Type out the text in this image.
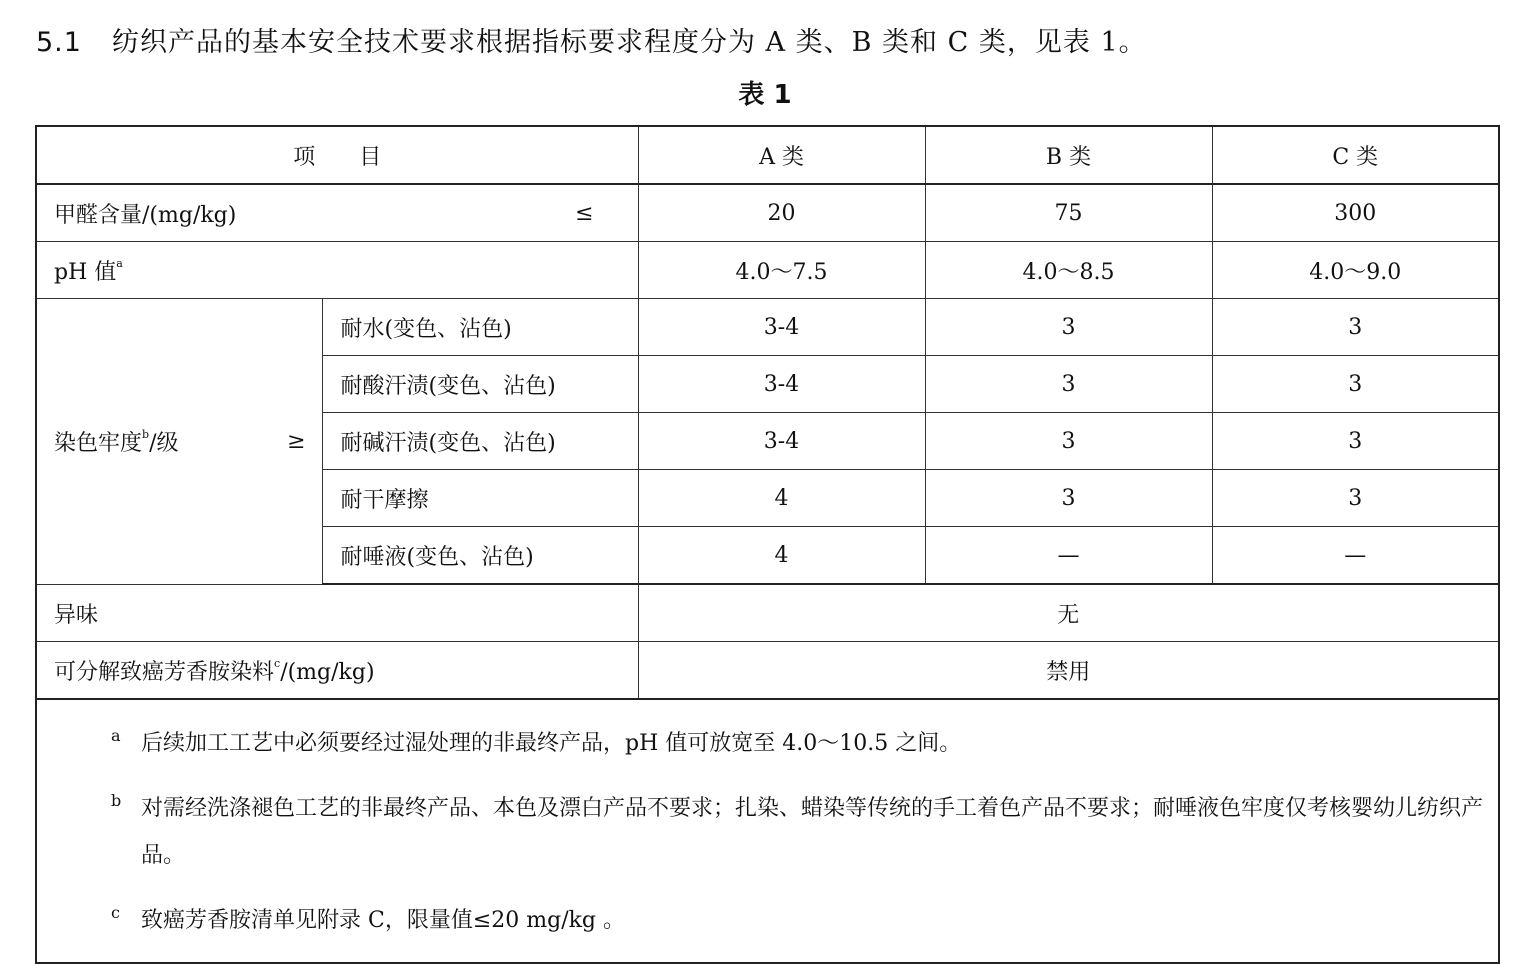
5.1 纺织产品的基本安全技术要求根据指标要求程度分为 A 类、B 类和 C 类，见表 1。
表 1
项　　目		A 类	B 类	C 类

甲醛含量/(mg/kg) ≤		20	75	300
pH 值$^a$		4.0～7.5	4.0～8.5	4.0～9.0

染色牢度$^b$/级 ≥	耐水(变色、沾色)	3-4	3	3
	耐酸汗渍(变色、沾色)	3-4	3	3
	耐碱汗渍(变色、沾色)	3-4	3	3
	耐干摩擦	4	3	3
	耐唾液(变色、沾色)	4	—	—
异味		无		
可分解致癌芳香胺染料$^c$/(mg/kg)		禁用		

a 后续加工工艺中必须要经过湿处理的非最终产品，pH 值可放宽至 4.0～10.5 之间。

b 对需经洗涤褪色工艺的非最终产品、本色及漂白产品不要求；扎染、蜡染等传统的手工着色产品不要求；耐唾液色牢度仅考核婴幼儿纺织产品。

c 致癌芳香胺清单见附录 C，限量值≤20 mg/kg 。
